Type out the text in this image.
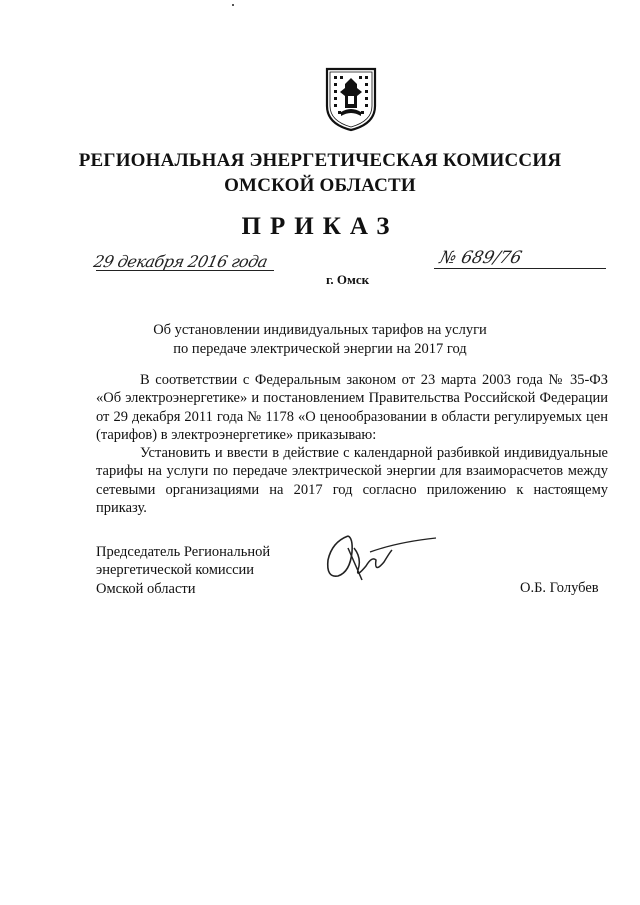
РЕГИОНАЛЬНАЯ ЭНЕРГЕТИЧЕСКАЯ КОМИССИЯ
ОМСКОЙ ОБЛАСТИ
ПРИКАЗ
29 декабря 2016 года
г. Омск
№ 689/76
Об установлении индивидуальных тарифов на услуги
по передаче электрической энергии на 2017 год
В соответствии с Федеральным законом от 23 марта 2003 года № 35-ФЗ «Об электроэнергетике» и постановлением Правительства Российской Федерации от 29 декабря 2011 года № 1178 «О ценообразовании в области регулируемых цен (тарифов) в электроэнергетике» приказываю:
Установить и ввести в действие с календарной разбивкой индивидуальные тарифы на услуги по передаче электрической энергии для взаиморасчетов между сетевыми организациями на 2017 год согласно приложению к настоящему приказу.
Председатель Региональной
энергетической комиссии
Омской области	О.Б. Голубев
